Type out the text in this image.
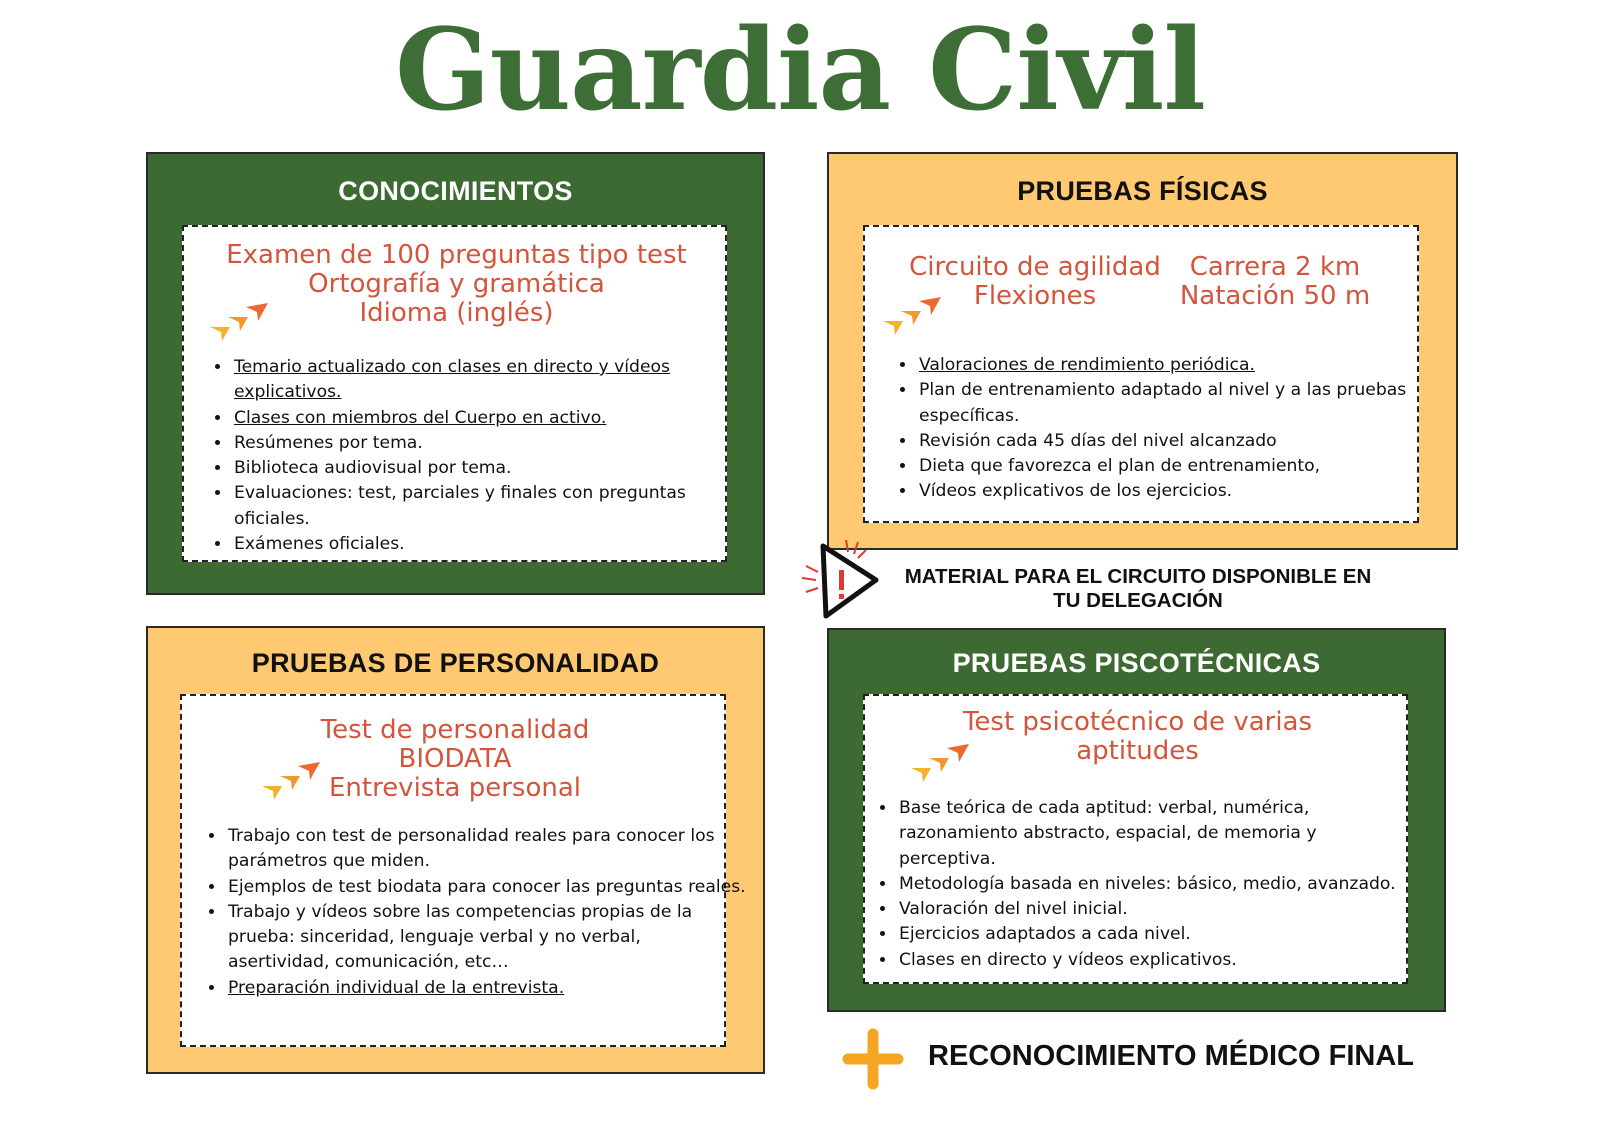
Guardia Civil
CONOCIMIENTOS
Examen de 100 preguntas tipo test
Ortografía y gramática
Idioma (inglés)
• Temario actualizado con clases en directo y vídeos explicativos.
• Clases con miembros del Cuerpo en activo.
• Resúmenes por tema.
• Biblioteca audiovisual por tema.
• Evaluaciones: test, parciales y finales con preguntas oficiales.
• Exámenes oficiales.
PRUEBAS FÍSICAS
Circuito de agilidad
Flexiones
Carrera 2 km
Natación 50 m
• Valoraciones de rendimiento periódica.
• Plan de entrenamiento adaptado al nivel y a las pruebas específicas.
• Revisión cada 45 días del nivel alcanzado
• Dieta que favorezca el plan de entrenamiento,
• Vídeos explicativos de los ejercicios.
MATERIAL PARA EL CIRCUITO DISPONIBLE EN
TU DELEGACIÓN
PRUEBAS DE PERSONALIDAD
Test de personalidad
BIODATA
Entrevista personal
• Trabajo con test de personalidad reales para conocer los parámetros que miden.
• Ejemplos de test biodata para conocer las preguntas reales.
• Trabajo y vídeos sobre las competencias propias de la prueba: sinceridad, lenguaje verbal y no verbal, asertividad, comunicación, etc…
• Preparación individual de la entrevista.
PRUEBAS PISCOTÉCNICAS
Test psicotécnico de varias
aptitudes
• Base teórica de cada aptitud: verbal, numérica, razonamiento abstracto, espacial, de memoria y perceptiva.
• Metodología basada en niveles: básico, medio, avanzado.
• Valoración del nivel inicial.
• Ejercicios adaptados a cada nivel.
• Clases en directo y vídeos explicativos.
RECONOCIMIENTO MÉDICO FINAL
